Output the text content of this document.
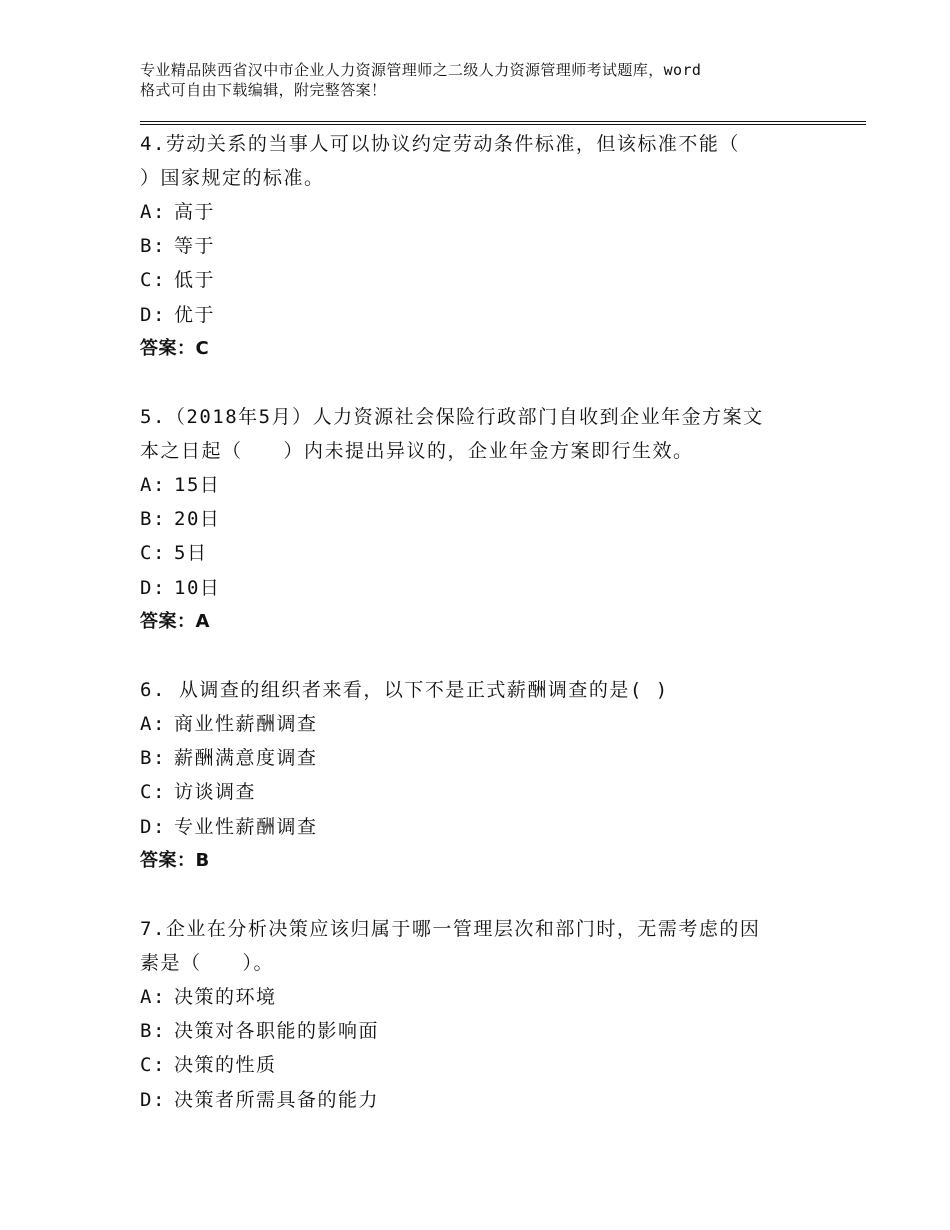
专业精品陕西省汉中市企业人力资源管理师之二级人力资源管理师考试题库，word
格式可自由下载编辑，附完整答案！
4.劳动关系的当事人可以协议约定劳动条件标准，但该标准不能（
）国家规定的标准。
A: 高于
B: 等于
C: 低于
D: 优于
答案：C
5.（2018年5月）人力资源社会保险行政部门自收到企业年金方案文
本之日起（　　）内未提出异议的，企业年金方案即行生效。
A: 15日
B: 20日
C: 5日
D: 10日
答案：A
6. 从调查的组织者来看，以下不是正式薪酬调查的是( )
A: 商业性薪酬调查
B: 薪酬满意度调查
C: 访谈调查
D: 专业性薪酬调查
答案：B
7.企业在分析决策应该归属于哪一管理层次和部门时，无需考虑的因
素是（　　）。
A: 决策的环境
B: 决策对各职能的影响面
C: 决策的性质
D: 决策者所需具备的能力
